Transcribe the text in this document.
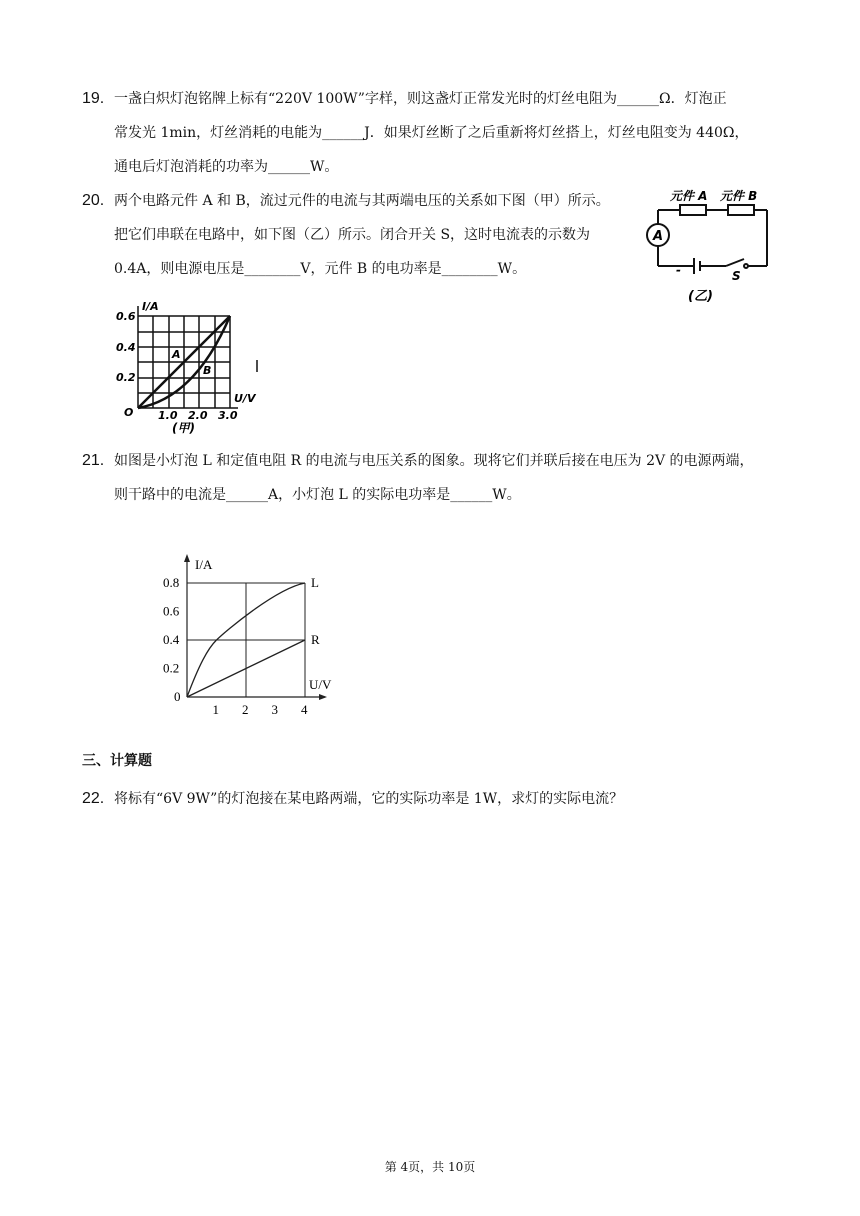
19. 一盏白炽灯泡铭牌上标有“220V 100W”字样，则这盏灯正常发光时的灯丝电阻为______Ω．灯泡正
常发光 1min，灯丝消耗的电能为______J．如果灯丝断了之后重新将灯丝搭上，灯丝电阻变为 440Ω，
通电后灯泡消耗的功率为______W。
20. 两个电路元件 A 和 B，流过元件的电流与其两端电压的关系如下图（甲）所示。
把它们串联在电路中，如下图（乙）所示。闭合开关 S，这时电流表的示数为
0.4A，则电源电压是________V，元件 B 的电功率是________W。
元件 A 元件 B
A
-	S
(乙)
I/A
U/V
0.6
0.4
0.2
O 1.0 2.0 3.0
A
B
(甲)
21. 如图是小灯泡 L 和定值电阻 R 的电流与电压关系的图象。现将它们并联后接在电压为 2V 的电源两端，
则干路中的电流是______A，小灯泡 L 的实际电功率是______W。
L
R
0.2
0.4
0.6
0.8
0
1 2 3 4
I/A
U/V
三、计算题
22. 将标有“6V 9W”的灯泡接在某电路两端，它的实际功率是 1W，求灯的实际电流？
第 4页，共 10页
